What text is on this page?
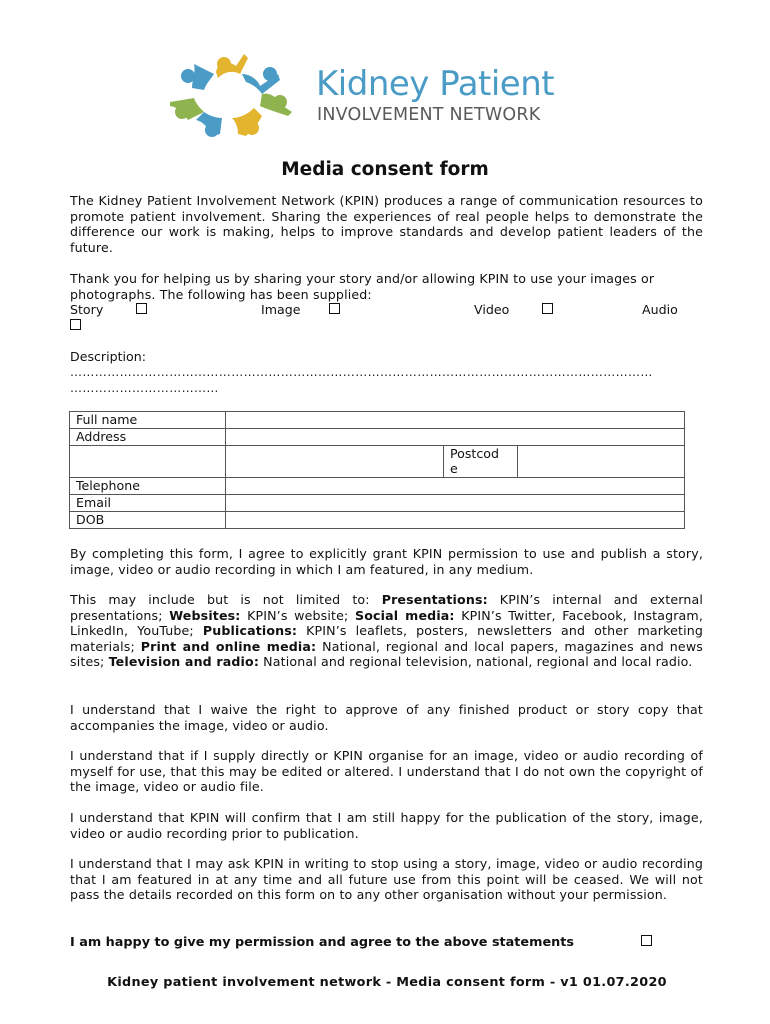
Kidney Patient
INVOLVEMENT NETWORK
Media consent form
The Kidney Patient Involvement Network (KPIN) produces a range of communication resources to promote patient involvement. Sharing the experiences of real people helps to demonstrate the difference our work is making, helps to improve standards and develop patient leaders of the future.
Thank you for helping us by sharing your story and/or allowing KPIN to use your images or photographs. The following has been supplied:
Story	Image	Video	Audio
Description:
……………………………………………………………………………………………………………………………
………………………………
Full name			
Address			
		Postcod
e	
Telephone			
Email			
DOB			
By completing this form, I agree to explicitly grant KPIN permission to use and publish a story, image, video or audio recording in which I am featured, in any medium.
This may include but is not limited to: Presentations: KPIN’s internal and external presentations; Websites: KPIN’s website; Social media: KPIN’s Twitter, Facebook, Instagram, LinkedIn, YouTube; Publications: KPIN’s leaflets, posters, newsletters and other marketing materials; Print and online media: National, regional and local papers, magazines and news sites; Television and radio: National and regional television, national, regional and local radio.
I understand that I waive the right to approve of any finished product or story copy that accompanies the image, video or audio.
I understand that if I supply directly or KPIN organise for an image, video or audio recording of myself for use, that this may be edited or altered. I understand that I do not own the copyright of the image, video or audio file.
I understand that KPIN will confirm that I am still happy for the publication of the story, image, video or audio recording prior to publication.
I understand that I may ask KPIN in writing to stop using a story, image, video or audio recording that I am featured in at any time and all future use from this point will be ceased. We will not pass the details recorded on this form on to any other organisation without your permission.
I am happy to give my permission and agree to the above statements
Kidney patient involvement network - Media consent form - v1 01.07.2020
